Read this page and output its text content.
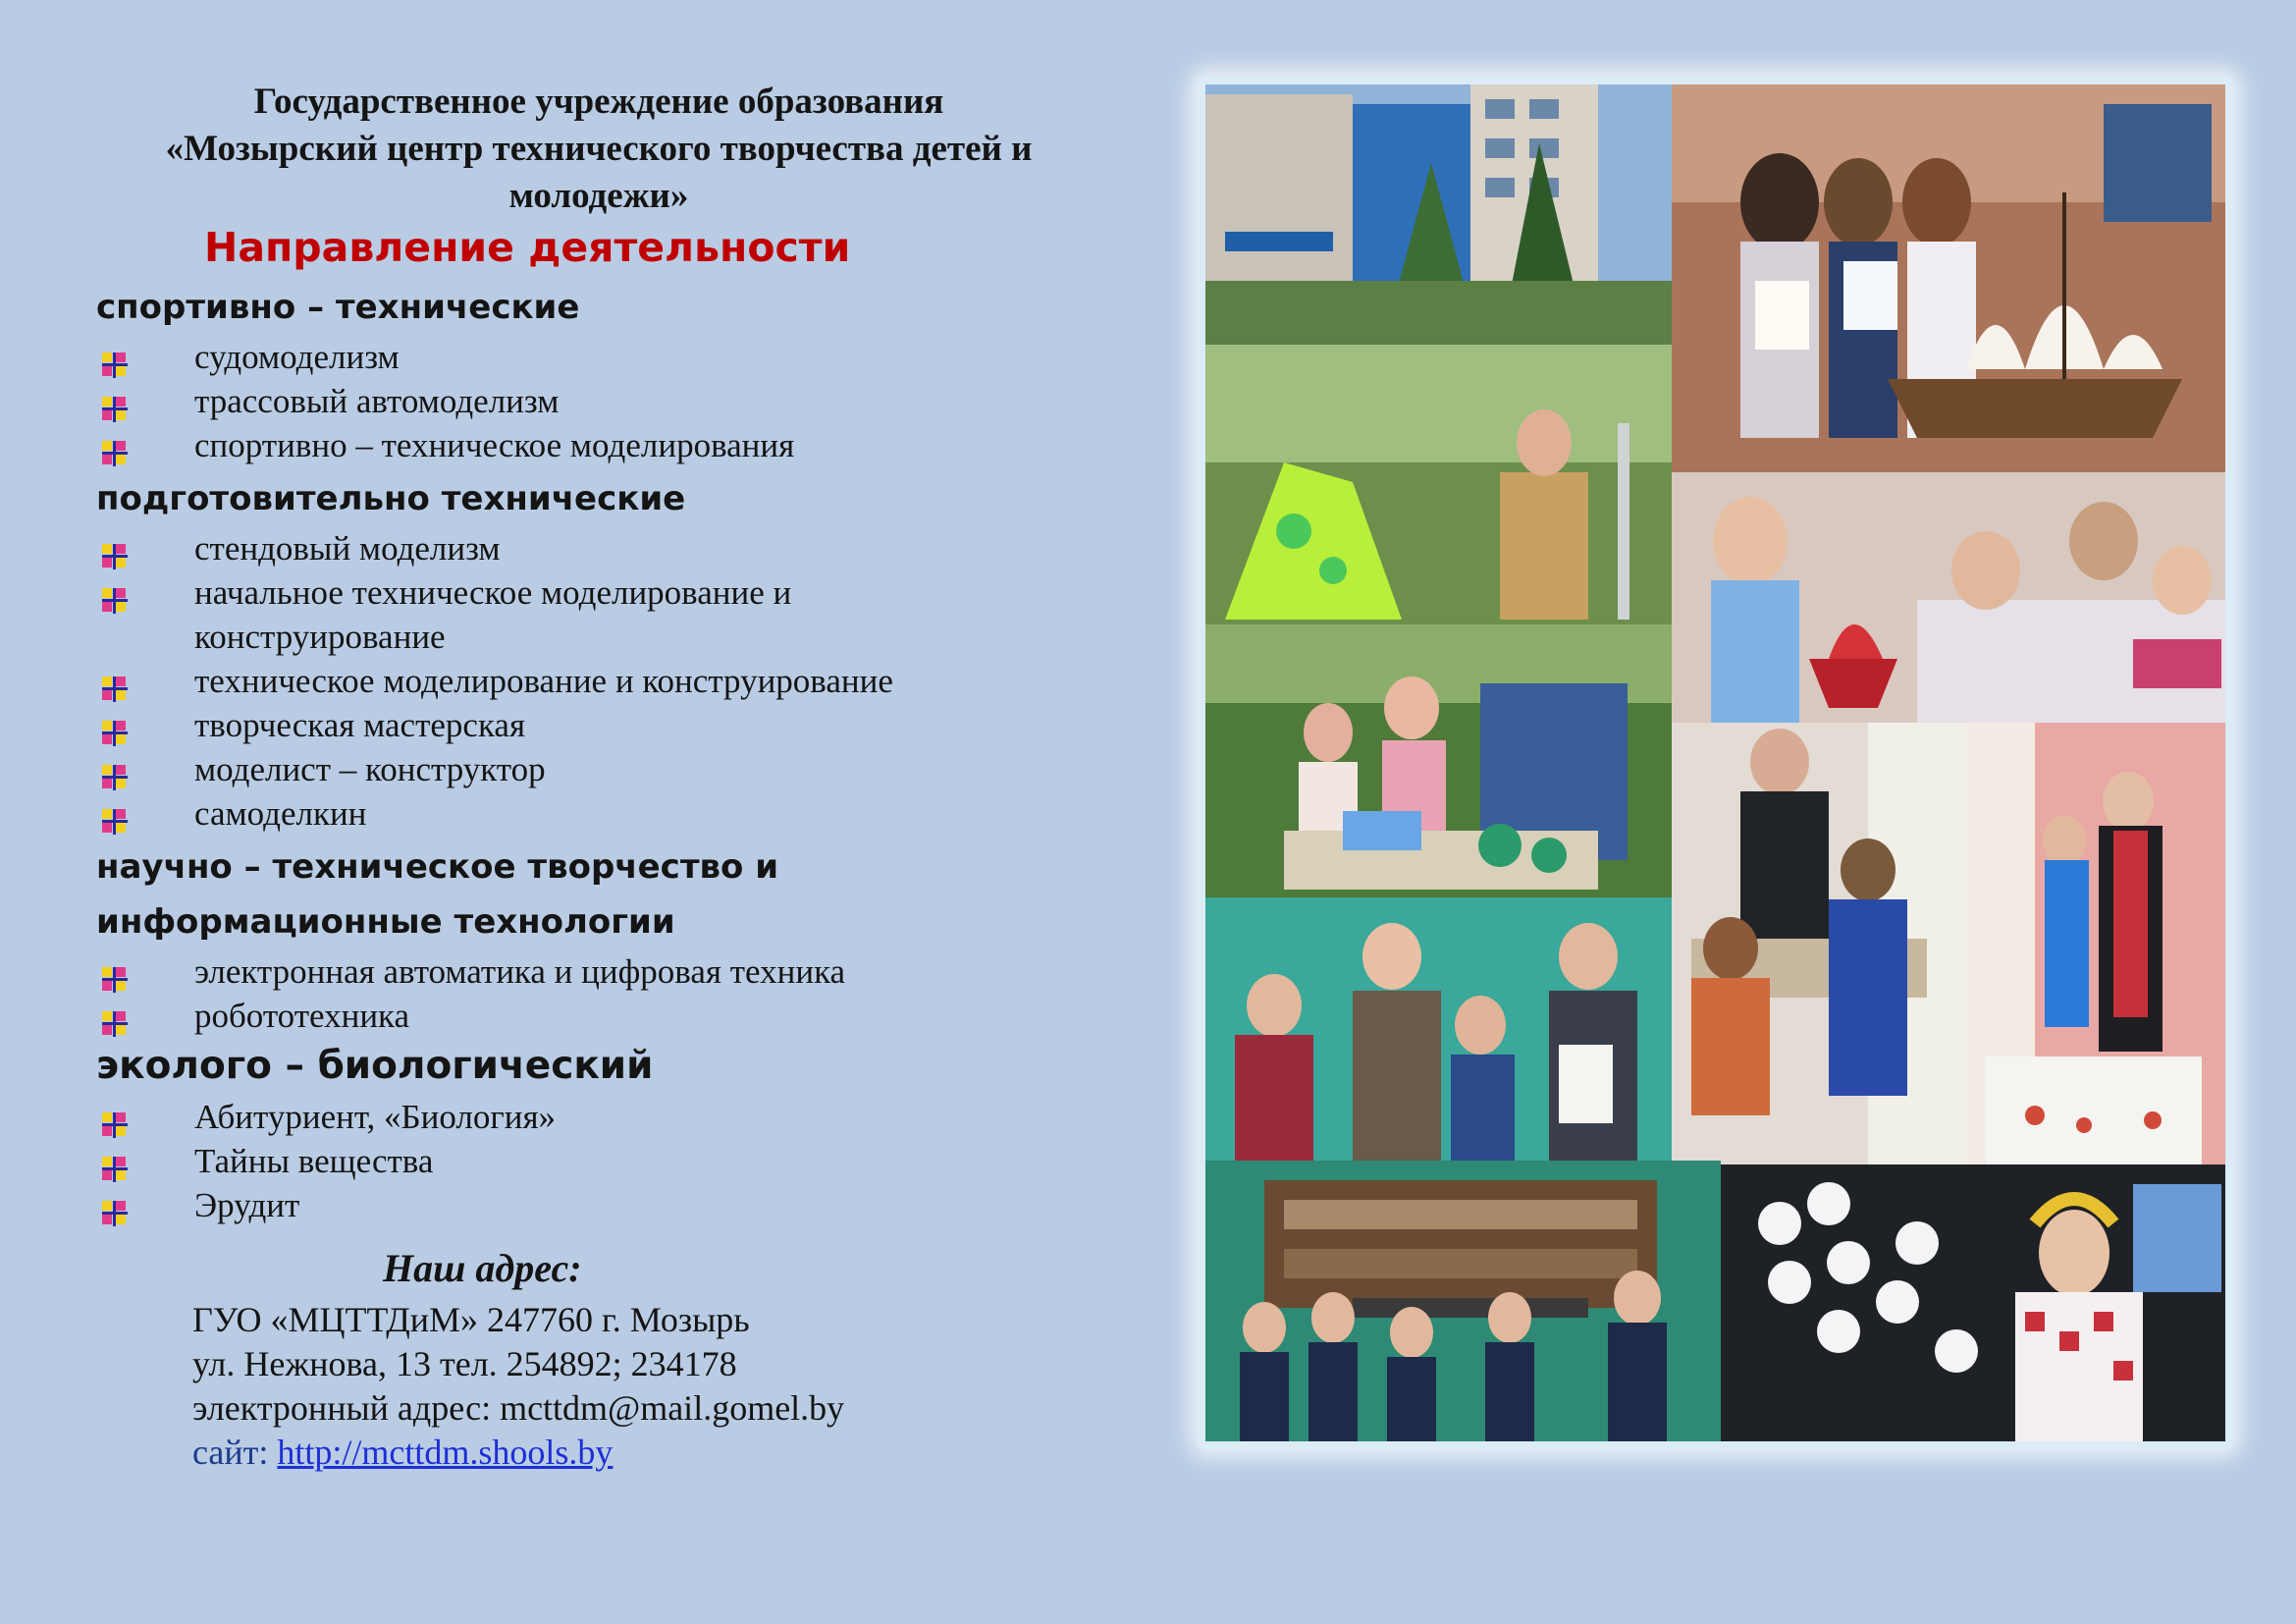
Государственное учреждение образования
«Мозырский центр технического творчества детей и
молодежи»
Направление деятельности

спортивно – технические

судомоделизм
трассовый автомоделизм
спортивно – техническое моделирования

подготовительно технические

стендовый моделизм
начальное техническое моделирование и
конструирование
техническое моделирование и конструирование
творческая мастерская
моделист – конструктор
самоделкин

научно – техническое творчество и

информационные технологии

электронная автоматика и цифровая техника
робототехника

эколого – биологический

Абитуриент, «Биология»
Тайны вещества
Эрудит
Наш адрес:
ГУО «МЦТТДиМ» 247760 г. Мозырь
ул. Нежнова, 13 тел. 254892; 234178
электронный адрес: mcttdm@mail.gomel.by
сайт: http://mcttdm.shools.by
